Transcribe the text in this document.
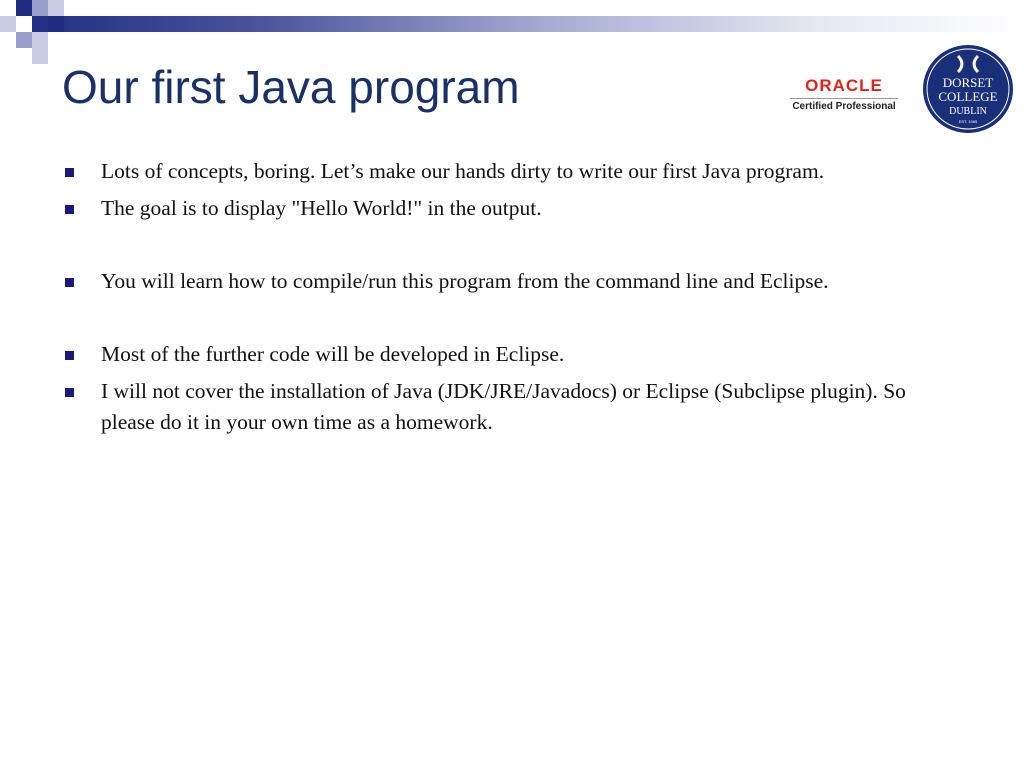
Our first Java program	ORACLE
Certified Professional
DORSET
COLLEGE
DUBLIN
EST. 1985
Lots of concepts, boring. Let’s make our hands dirty to write our first Java program.
The goal is to display "Hello World!" in the output.
You will learn how to compile/run this program from the command line and Eclipse.
Most of the further code will be developed in Eclipse.
I will not cover the installation of Java (JDK/JRE/Javadocs) or Eclipse (Subclipse plugin). So please do it in your own time as a homework.
